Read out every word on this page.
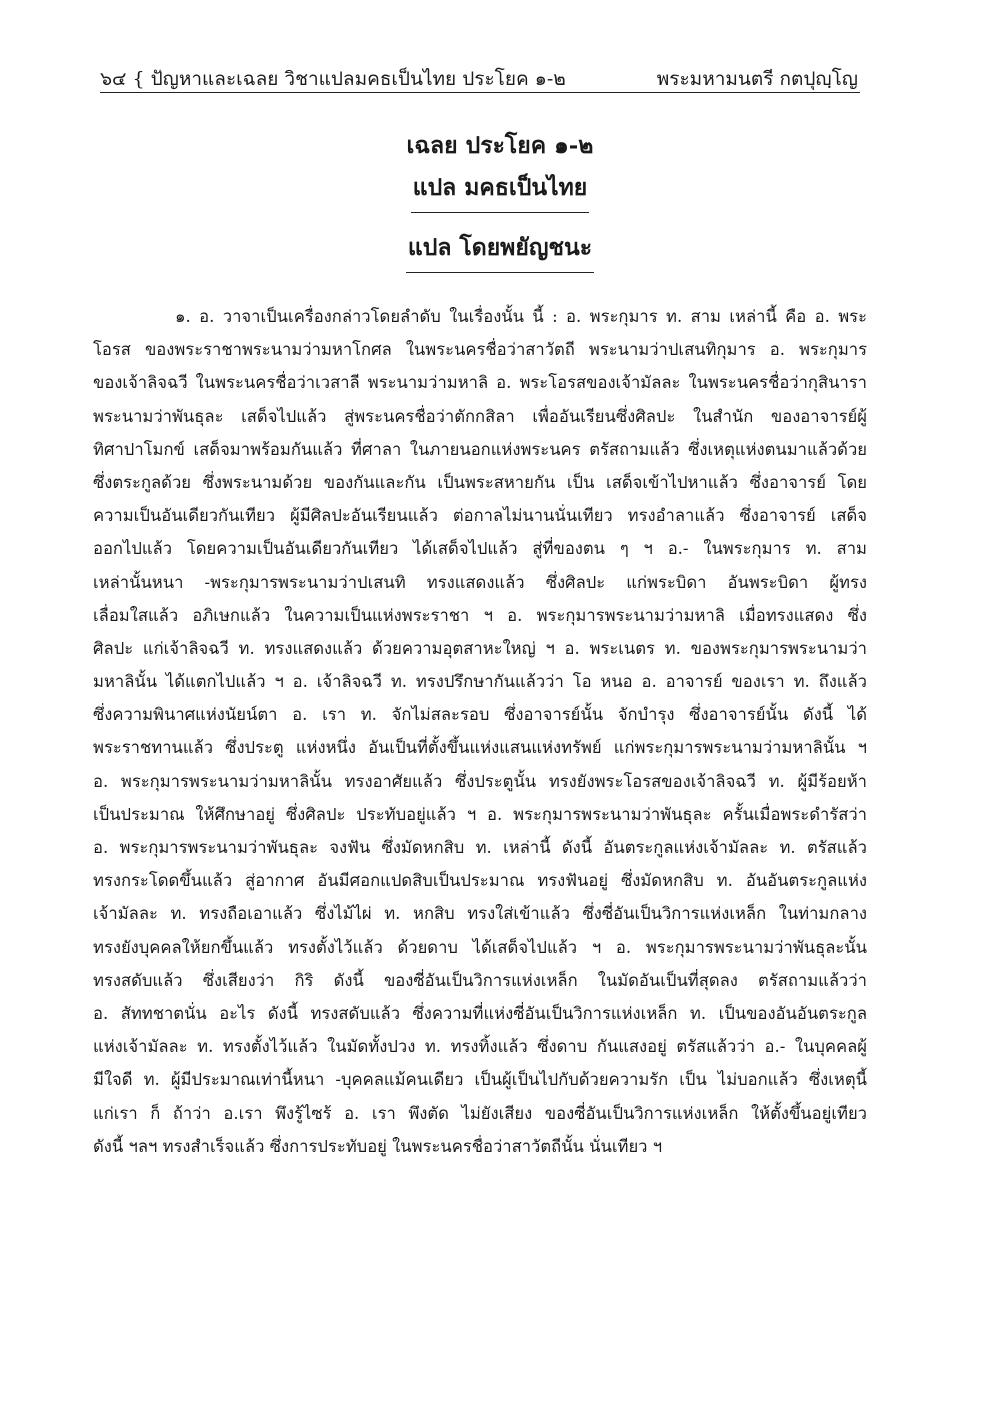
๖๔ { ปัญหาและเฉลย วิชาแปลมคธเป็นไทย ประโยค ๑-๒	พระมหามนตรี กตปุญฺโญ
เฉลย ประโยค ๑-๒
แปล มคธเป็นไทย
แปล โดยพยัญชนะ
๑. อ. วาจาเป็นเครื่องกล่าวโดยลำดับ ในเรื่องนั้น นี้ : อ. พระกุมาร ท. สาม เหล่านี้ คือ อ. พระ
โอรส ของพระราชาพระนามว่ามหาโกศล ในพระนครชื่อว่าสาวัตถี พระนามว่าปเสนทิกุมาร อ. พระกุมาร
ของเจ้าลิจฉวี ในพระนครชื่อว่าเวสาลี พระนามว่ามหาลิ อ. พระโอรสของเจ้ามัลละ ในพระนครชื่อว่ากุสินารา
พระนามว่าพันธุละ เสด็จไปแล้ว สู่พระนครชื่อว่าตักกสิลา เพื่ออันเรียนซึ่งศิลปะ ในสำนัก ของอาจารย์ผู้
ทิศาปาโมกข์ เสด็จมาพร้อมกันแล้ว ที่ศาลา ในภายนอกแห่งพระนคร ตรัสถามแล้ว ซึ่งเหตุแห่งตนมาแล้วด้วย
ซึ่งตระกูลด้วย ซึ่งพระนามด้วย ของกันและกัน เป็นพระสหายกัน เป็น เสด็จเข้าไปหาแล้ว ซึ่งอาจารย์ โดย
ความเป็นอันเดียวกันเทียว ผู้มีศิลปะอันเรียนแล้ว ต่อกาลไม่นานนั่นเทียว ทรงอำลาแล้ว ซึ่งอาจารย์ เสด็จ
ออกไปแล้ว โดยความเป็นอันเดียวกันเทียว ได้เสด็จไปแล้ว สู่ที่ของตน ๆ ฯ อ.- ในพระกุมาร ท. สาม
เหล่านั้นหนา -พระกุมารพระนามว่าปเสนทิ ทรงแสดงแล้ว ซึ่งศิลปะ แก่พระบิดา อันพระบิดา ผู้ทรง
เลื่อมใสแล้ว อภิเษกแล้ว ในความเป็นแห่งพระราชา ฯ อ. พระกุมารพระนามว่ามหาลิ เมื่อทรงแสดง ซึ่ง
ศิลปะ แก่เจ้าลิจฉวี ท. ทรงแสดงแล้ว ด้วยความอุตสาหะใหญ่ ฯ อ. พระเนตร ท. ของพระกุมารพระนามว่า
มหาลินั้น ได้แตกไปแล้ว ฯ อ. เจ้าลิจฉวี ท. ทรงปรึกษากันแล้วว่า โอ หนอ อ. อาจารย์ ของเรา ท. ถึงแล้ว
ซึ่งความพินาศแห่งนัยน์ตา อ. เรา ท. จักไม่สละรอบ ซึ่งอาจารย์นั้น จักบำรุง ซึ่งอาจารย์นั้น ดังนี้ ได้
พระราชทานแล้ว ซึ่งประตู แห่งหนึ่ง อันเป็นที่ตั้งขึ้นแห่งแสนแห่งทรัพย์ แก่พระกุมารพระนามว่ามหาลินั้น ฯ
อ. พระกุมารพระนามว่ามหาลินั้น ทรงอาศัยแล้ว ซึ่งประตูนั้น ทรงยังพระโอรสของเจ้าลิจฉวี ท. ผู้มีร้อยห้า
เป็นประมาณ ให้ศึกษาอยู่ ซึ่งศิลปะ ประทับอยู่แล้ว ฯ อ. พระกุมารพระนามว่าพันธุละ ครั้นเมื่อพระดำรัสว่า
อ. พระกุมารพระนามว่าพันธุละ จงฟัน ซึ่งมัดหกสิบ ท. เหล่านี้ ดังนี้ อันตระกูลแห่งเจ้ามัลละ ท. ตรัสแล้ว
ทรงกระโดดขึ้นแล้ว สู่อากาศ อันมีศอกแปดสิบเป็นประมาณ ทรงฟันอยู่ ซึ่งมัดหกสิบ ท. อันอันตระกูลแห่ง
เจ้ามัลละ ท. ทรงถือเอาแล้ว ซึ่งไม้ไผ่ ท. หกสิบ ทรงใส่เข้าแล้ว ซึ่งซี่อันเป็นวิการแห่งเหล็ก ในท่ามกลาง
ทรงยังบุคคลให้ยกขึ้นแล้ว ทรงตั้งไว้แล้ว ด้วยดาบ ได้เสด็จไปแล้ว ฯ อ. พระกุมารพระนามว่าพันธุละนั้น
ทรงสดับแล้ว ซึ่งเสียงว่า กิริ ดังนี้ ของซี่อันเป็นวิการแห่งเหล็ก ในมัดอันเป็นที่สุดลง ตรัสถามแล้วว่า
อ. สัททชาตนั่น อะไร ดังนี้ ทรงสดับแล้ว ซึ่งความที่แห่งซี่อันเป็นวิการแห่งเหล็ก ท. เป็นของอันอันตระกูล
แห่งเจ้ามัลละ ท. ทรงตั้งไว้แล้ว ในมัดทั้งปวง ท. ทรงทิ้งแล้ว ซึ่งดาบ กันแสงอยู่ ตรัสแล้วว่า อ.- ในบุคคลผู้
มีใจดี ท. ผู้มีประมาณเท่านี้หนา -บุคคลแม้คนเดียว เป็นผู้เป็นไปกับด้วยความรัก เป็น ไม่บอกแล้ว ซึ่งเหตุนี้
แก่เรา ก็ ถ้าว่า อ.เรา พึงรู้ไซร้ อ. เรา พึงตัด ไม่ยังเสียง ของซี่อันเป็นวิการแห่งเหล็ก ให้ตั้งขึ้นอยู่เทียว
ดังนี้ ฯลฯ ทรงสำเร็จแล้ว ซึ่งการประทับอยู่ ในพระนครชื่อว่าสาวัตถีนั้น นั่นเทียว ฯ
